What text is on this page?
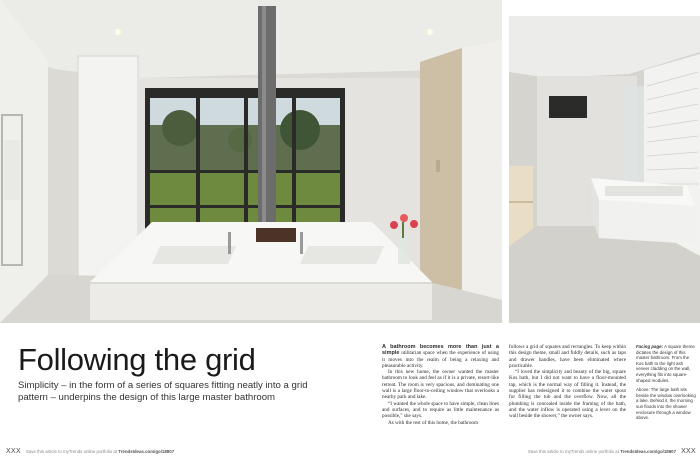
Following the grid

Simplicity – in the form of a series of squares fitting neatly into a grid pattern – underpins the design of this large master bathroom

A bathroom becomes more than just a simple utilitarian space when the experience of using it moves into the realm of being a relaxing and pleasurable activity.

In this new home, the owner wanted the master bathroom to look and feel as if it is a private, resort-like retreat. The room is very spacious, and dominating one wall is a large floor-to-ceiling window that overlooks a nearby park and lake.

“I wanted the whole space to have simple, clean lines and surfaces, and to require as little maintenance as possible,” she says.

As with the rest of this home, the bathroom

follows a grid of squares and rectangles. To keep within this design theme, small and fiddly details, such as taps and drawer handles, have been eliminated where practicable.

“I loved the simplicity and beauty of the big, square Kos bath, but I did not want to have a floor-mounted tap, which is the normal way of filling it. Instead, the supplier has redesigned it to combine the water spout for filling the tub and the overflow. Now, all the plumbing is concealed inside the framing of the bath, and the water inflow is operated using a lever on the wall beside the shower,” the owner says.

Facing page: A square theme dictates the design of this master bathroom. From the Kos bath to the light ash veneer cladding on the wall, everything fits into square-shaped modules.

Above: The large bath sits beside the window overlooking a lake. Behind it, the morning sun floods into the shower enclosure through a window above.

XXX Save this article to myTrends online portfolio at TrendsIdeas.com/go/18807	Save this article to myTrends online portfolio at TrendsIdeas.com/go/18807 XXX
